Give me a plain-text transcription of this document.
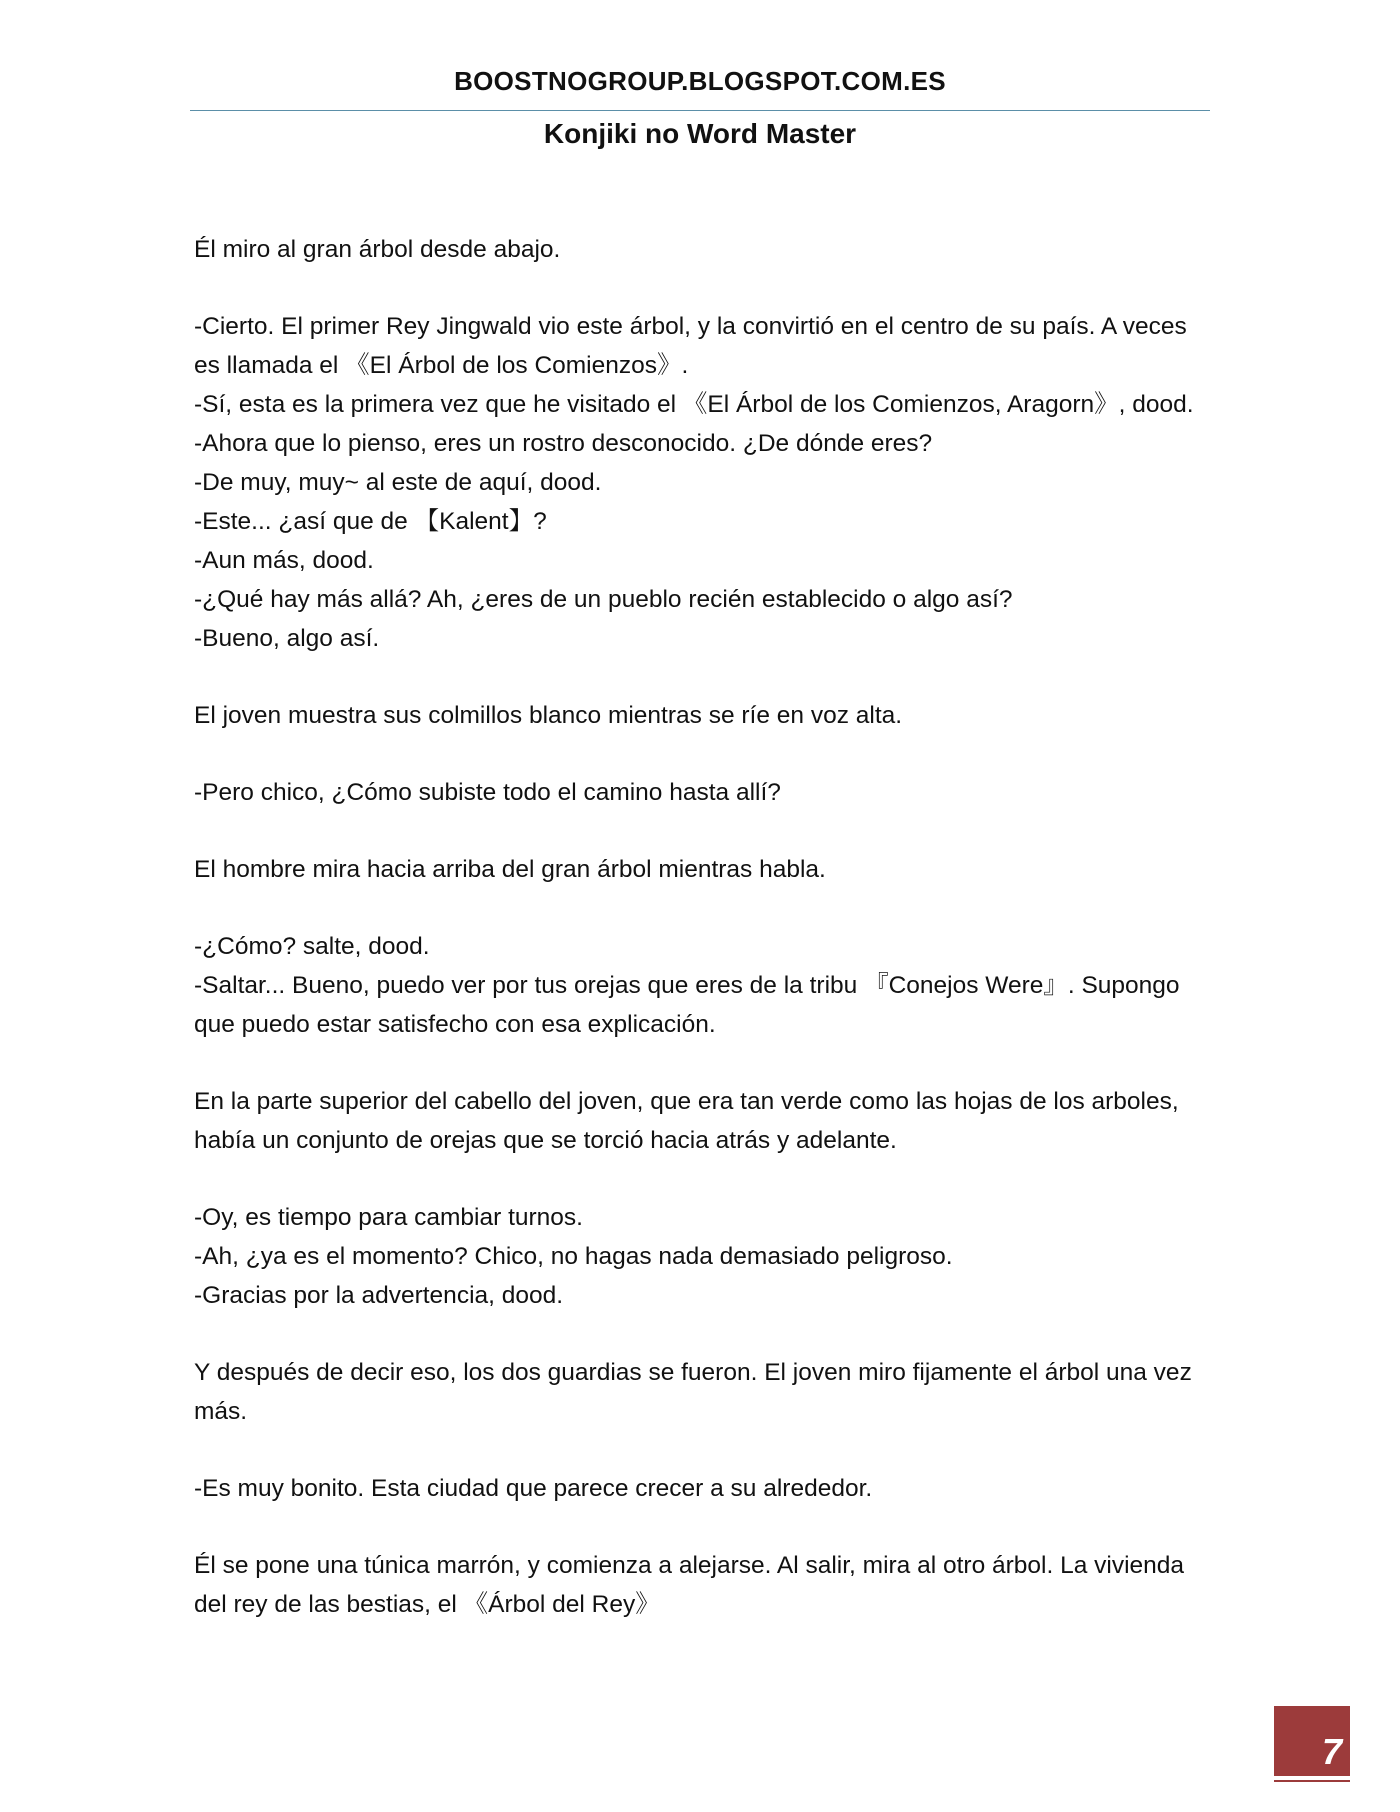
BOOSTNOGROUP.BLOGSPOT.COM.ES
Konjiki no Word Master

Él miro al gran árbol desde abajo.

-Cierto. El primer Rey Jingwald vio este árbol, y la convirtió en el centro de su país. A veces

es llamada el 《El Árbol de los Comienzos》.

-Sí, esta es la primera vez que he visitado el 《El Árbol de los Comienzos, Aragorn》, dood.

-Ahora que lo pienso, eres un rostro desconocido. ¿De dónde eres?

-De muy, muy~ al este de aquí, dood.

-Este... ¿así que de 【Kalent】?

-Aun más, dood.

-¿Qué hay más allá? Ah, ¿eres de un pueblo recién establecido o algo así?

-Bueno, algo así.

El joven muestra sus colmillos blanco mientras se ríe en voz alta.

-Pero chico, ¿Cómo subiste todo el camino hasta allí?

El hombre mira hacia arriba del gran árbol mientras habla.

-¿Cómo? salte, dood.

-Saltar... Bueno, puedo ver por tus orejas que eres de la tribu 『Conejos Were』. Supongo

que puedo estar satisfecho con esa explicación.

En la parte superior del cabello del joven, que era tan verde como las hojas de los arboles,

había un conjunto de orejas que se torció hacia atrás y adelante.

-Oy, es tiempo para cambiar turnos.

-Ah, ¿ya es el momento? Chico, no hagas nada demasiado peligroso.

-Gracias por la advertencia, dood.

Y después de decir eso, los dos guardias se fueron. El joven miro fijamente el árbol una vez

más.

-Es muy bonito. Esta ciudad que parece crecer a su alrededor.

Él se pone una túnica marrón, y comienza a alejarse. Al salir, mira al otro árbol. La vivienda

del rey de las bestias, el 《Árbol del Rey》

7
